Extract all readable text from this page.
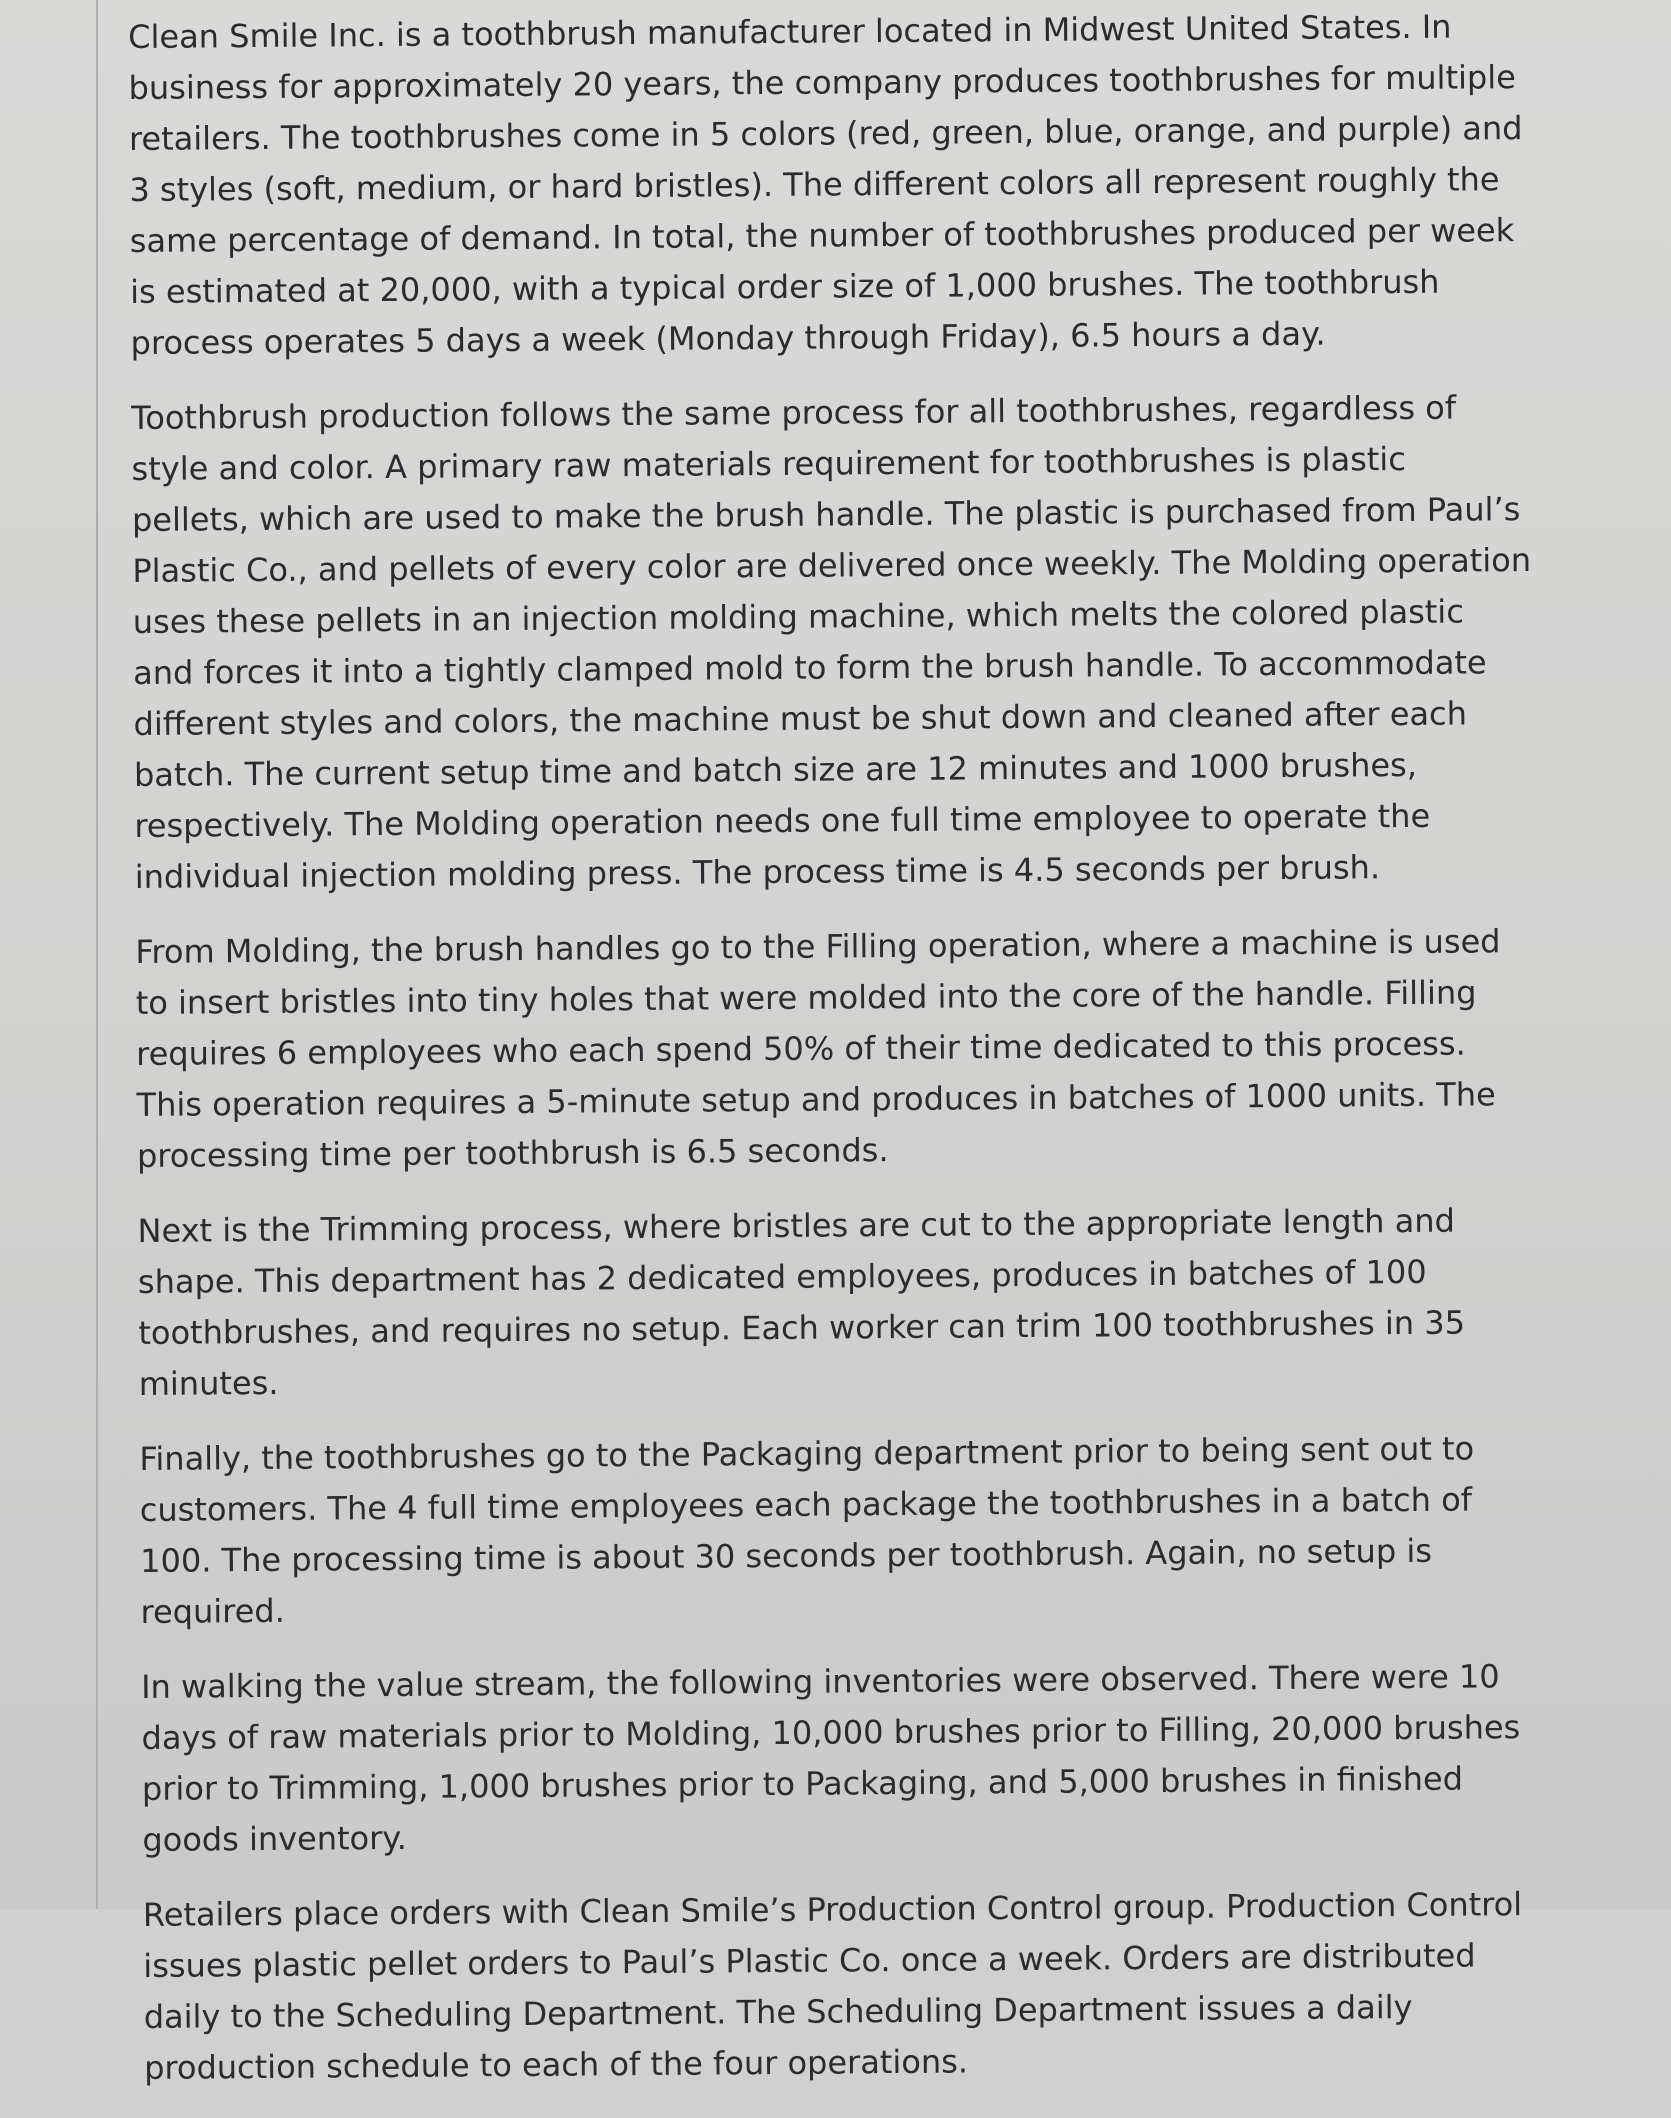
Clean Smile Inc. is a toothbrush manufacturer located in Midwest United States. In business for approximately 20 years, the company produces toothbrushes for multiple retailers. The toothbrushes come in 5 colors (red, green, blue, orange, and purple) and 3 styles (soft, medium, or hard bristles). The different colors all represent roughly the same percentage of demand. In total, the number of toothbrushes produced per week is estimated at 20,000, with a typical order size of 1,000 brushes. The toothbrush process operates 5 days a week (Monday through Friday), 6.5 hours a day.

Toothbrush production follows the same process for all toothbrushes, regardless of style and color. A primary raw materials requirement for toothbrushes is plastic pellets, which are used to make the brush handle. The plastic is purchased from Paul’s Plastic Co., and pellets of every color are delivered once weekly. The Molding operation uses these pellets in an injection molding machine, which melts the colored plastic and forces it into a tightly clamped mold to form the brush handle. To accommodate different styles and colors, the machine must be shut down and cleaned after each batch. The current setup time and batch size are 12 minutes and 1000 brushes, respectively. The Molding operation needs one full time employee to operate the individual injection molding press. The process time is 4.5 seconds per brush.

From Molding, the brush handles go to the Filling operation, where a machine is used to insert bristles into tiny holes that were molded into the core of the handle. Filling requires 6 employees who each spend 50% of their time dedicated to this process. This operation requires a 5-minute setup and produces in batches of 1000 units. The processing time per toothbrush is 6.5 seconds.

Next is the Trimming process, where bristles are cut to the appropriate length and shape. This department has 2 dedicated employees, produces in batches of 100 toothbrushes, and requires no setup. Each worker can trim 100 toothbrushes in 35 minutes.

Finally, the toothbrushes go to the Packaging department prior to being sent out to customers. The 4 full time employees each package the toothbrushes in a batch of 100. The processing time is about 30 seconds per toothbrush. Again, no setup is required.

In walking the value stream, the following inventories were observed. There were 10 days of raw materials prior to Molding, 10,000 brushes prior to Filling, 20,000 brushes prior to Trimming, 1,000 brushes prior to Packaging, and 5,000 brushes in finished goods inventory.

Retailers place orders with Clean Smile’s Production Control group. Production Control issues plastic pellet orders to Paul’s Plastic Co. once a week. Orders are distributed daily to the Scheduling Department. The Scheduling Department issues a daily production schedule to each of the four operations.
